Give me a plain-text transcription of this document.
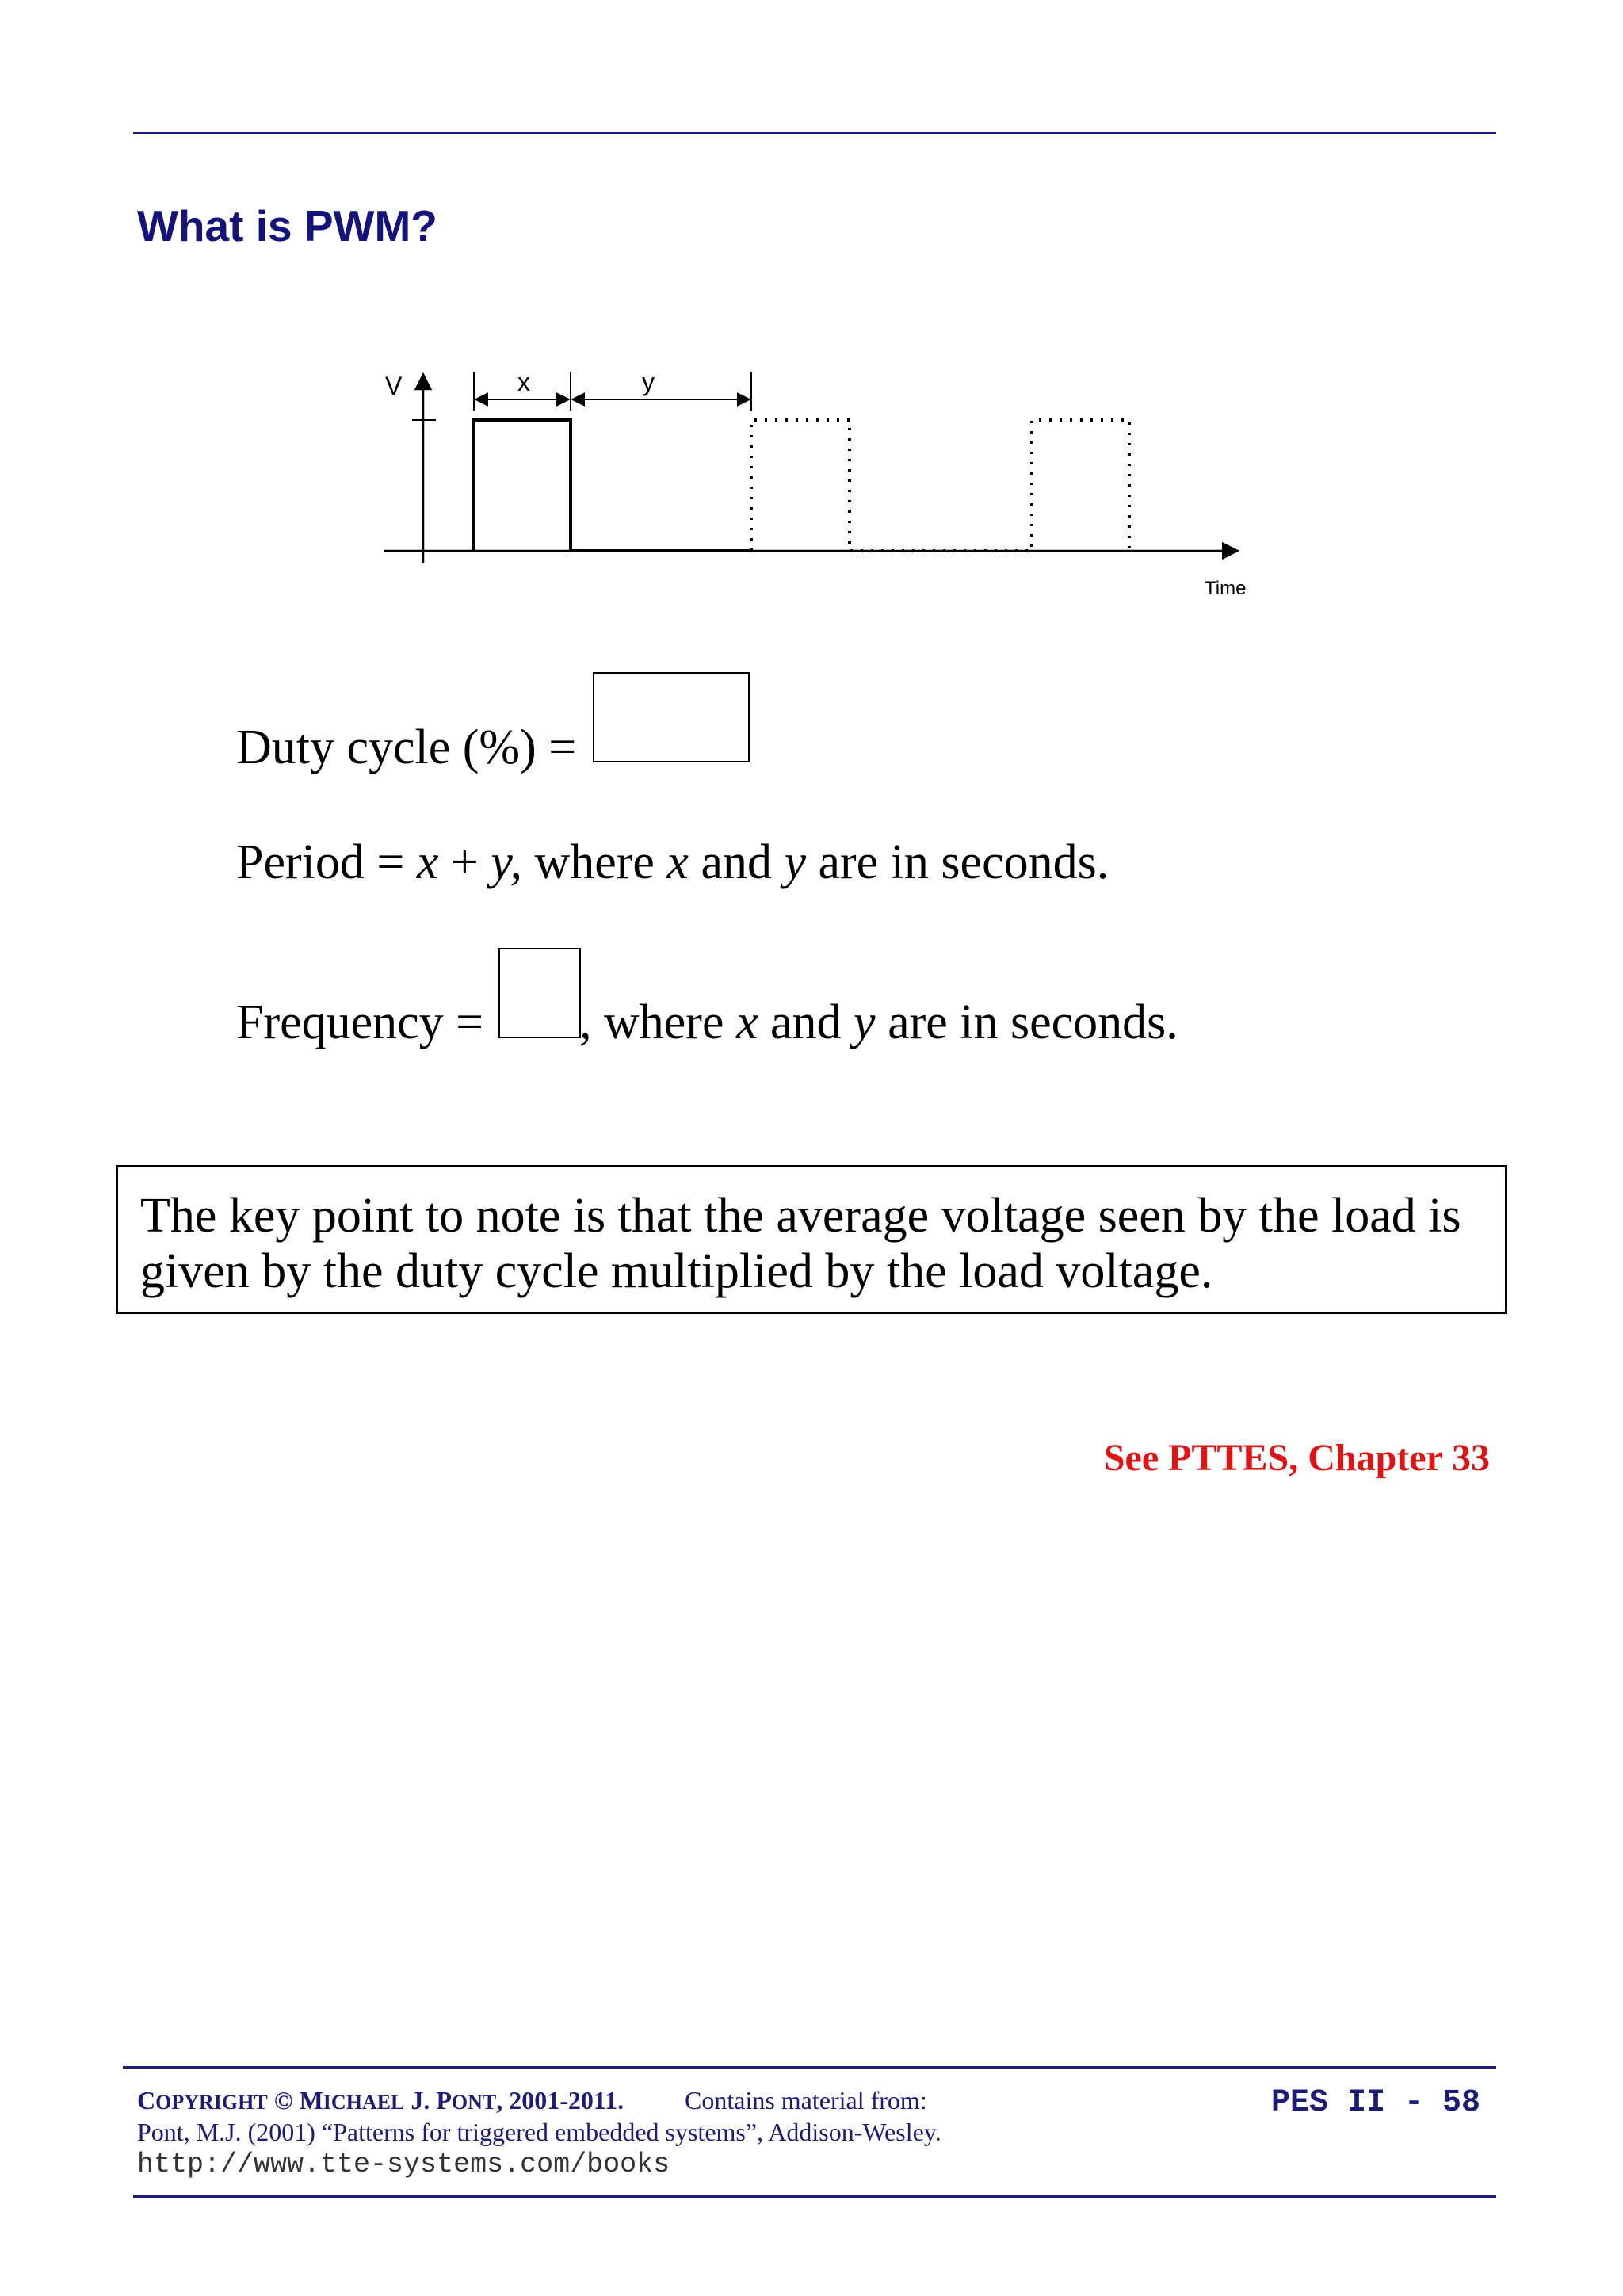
What is PWM?
V
Time
x	y
Duty cycle (%) =
Period = x + y, where x and y are in seconds.
Frequency = , where x and y are in seconds.
The key point to note is that the average voltage seen by the load is
given by the duty cycle multiplied by the load voltage.
See PTTES, Chapter 33
COPYRIGHT © MICHAEL J. PONT, 2001-2011. Contains material from:
Pont, M.J. (2001) “Patterns for triggered embedded systems”, Addison-Wesley.
http://www.tte-systems.com/books
PES II - 58
